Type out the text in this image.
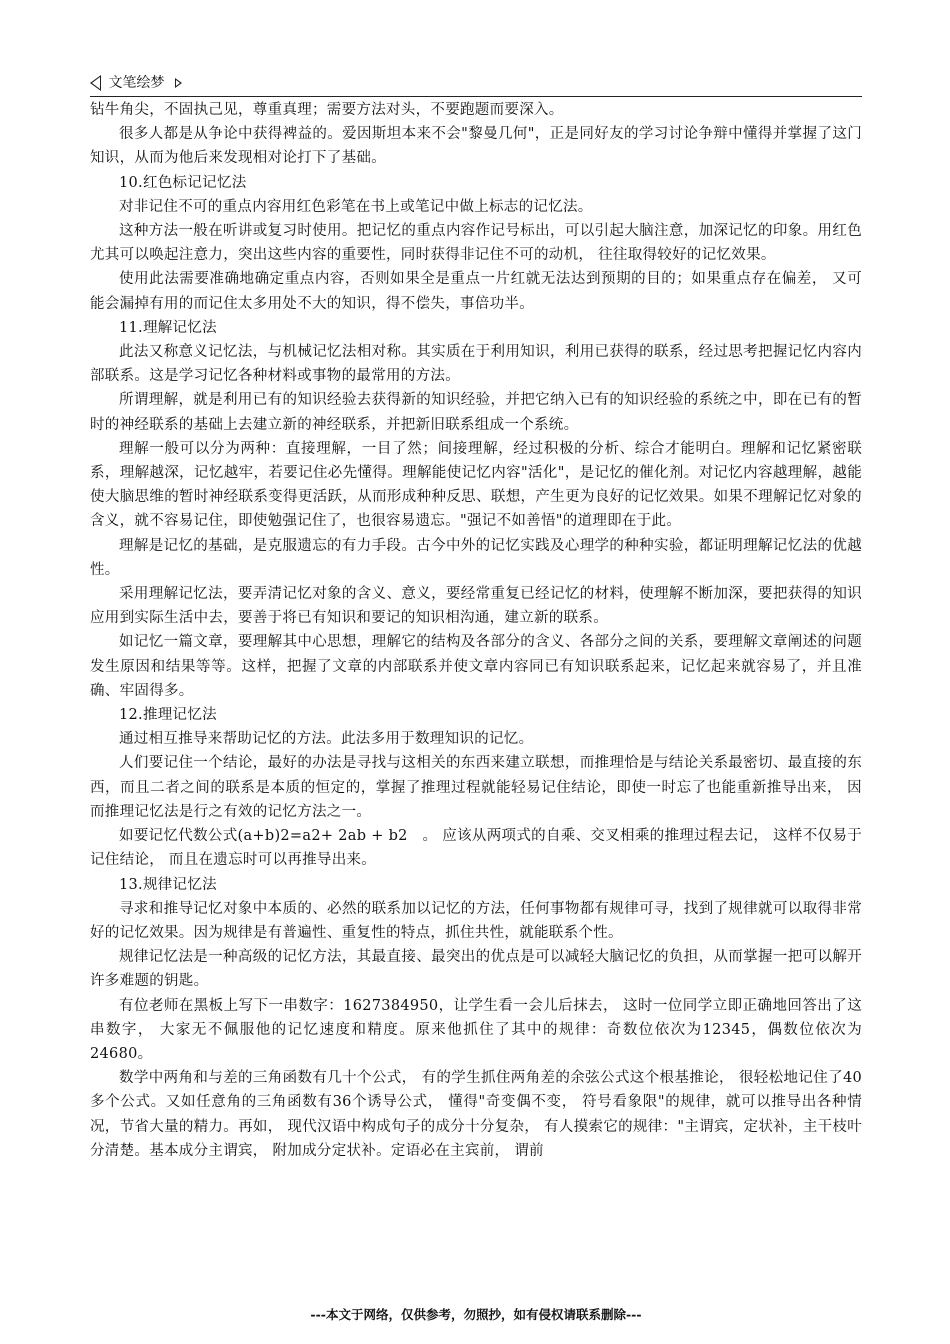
文笔绘梦

钻牛角尖，不固执己见，尊重真理；需要方法对头，不要跑题而要深入。

很多人都是从争论中获得裨益的。爱因斯坦本来不会"黎曼几何"，正是同好友的学习讨论争辩中懂得并掌握了这门知识，从而为他后来发现相对论打下了基础。

10.红色标记记忆法

对非记住不可的重点内容用红色彩笔在书上或笔记中做上标志的记忆法。

这种方法一般在听讲或复习时使用。把记忆的重点内容作记号标出，可以引起大脑注意，加深记忆的印象。用红色尤其可以唤起注意力，突出这些内容的重要性，同时获得非记住不可的动机， 往往取得较好的记忆效果。

使用此法需要准确地确定重点内容，否则如果全是重点一片红就无法达到预期的目的；如果重点存在偏差， 又可能会漏掉有用的而记住太多用处不大的知识，得不偿失，事倍功半。

11.理解记忆法

此法又称意义记忆法，与机械记忆法相对称。其实质在于利用知识，利用已获得的联系，经过思考把握记忆内容内部联系。这是学习记忆各种材料或事物的最常用的方法。

所谓理解，就是利用已有的知识经验去获得新的知识经验，并把它纳入已有的知识经验的系统之中，即在已有的暂时的神经联系的基础上去建立新的神经联系，并把新旧联系组成一个系统。

理解一般可以分为两种：直接理解，一目了然；间接理解，经过积极的分析、综合才能明白。理解和记忆紧密联系，理解越深，记忆越牢，若要记住必先懂得。理解能使记忆内容"活化"，是记忆的催化剂。对记忆内容越理解，越能使大脑思维的暂时神经联系变得更活跃，从而形成种种反思、联想，产生更为良好的记忆效果。如果不理解记忆对象的含义，就不容易记住，即使勉强记住了，也很容易遗忘。"强记不如善悟"的道理即在于此。

理解是记忆的基础，是克服遗忘的有力手段。古今中外的记忆实践及心理学的种种实验，都证明理解记忆法的优越性。

采用理解记忆法，要弄清记忆对象的含义、意义，要经常重复已经记忆的材料，使理解不断加深，要把获得的知识应用到实际生活中去，要善于将已有知识和要记的知识相沟通，建立新的联系。

如记忆一篇文章，要理解其中心思想，理解它的结构及各部分的含义、各部分之间的关系，要理解文章阐述的问题发生原因和结果等等。这样，把握了文章的内部联系并使文章内容同已有知识联系起来，记忆起来就容易了，并且准确、牢固得多。

12.推理记忆法

通过相互推导来帮助记忆的方法。此法多用于数理知识的记忆。

人们要记住一个结论，最好的办法是寻找与这相关的东西来建立联想，而推理恰是与结论关系最密切、最直接的东西，而且二者之间的联系是本质的恒定的，掌握了推理过程就能轻易记住结论，即使一时忘了也能重新推导出来， 因而推理记忆法是行之有效的记忆方法之一。

如要记忆代数公式(a+b)2=a2+ 2ab + b2　。 应该从两项式的自乘、交叉相乘的推理过程去记， 这样不仅易于记住结论， 而且在遗忘时可以再推导出来。

13.规律记忆法

寻求和推导记忆对象中本质的、必然的联系加以记忆的方法，任何事物都有规律可寻，找到了规律就可以取得非常好的记忆效果。因为规律是有普遍性、重复性的特点，抓住共性，就能联系个性。

规律记忆法是一种高级的记忆方法，其最直接、最突出的优点是可以减轻大脑记忆的负担，从而掌握一把可以解开许多难题的钥匙。

有位老师在黑板上写下一串数字：1627384950，让学生看一会儿后抹去， 这时一位同学立即正确地回答出了这串数字， 大家无不佩服他的记忆速度和精度。原来他抓住了其中的规律：奇数位依次为12345，偶数位依次为24680。

数学中两角和与差的三角函数有几十个公式， 有的学生抓住两角差的余弦公式这个根基推论， 很轻松地记住了40多个公式。又如任意角的三角函数有36个诱导公式， 懂得"奇变偶不变， 符号看象限"的规律，就可以推导出各种情况，节省大量的精力。再如， 现代汉语中构成句子的成分十分复杂， 有人摸索它的规律："主谓宾，定状补，主干枝叶分清楚。基本成分主谓宾， 附加成分定状补。定语必在主宾前， 谓前

---本文于网络，仅供参考，勿照抄，如有侵权请联系删除---
